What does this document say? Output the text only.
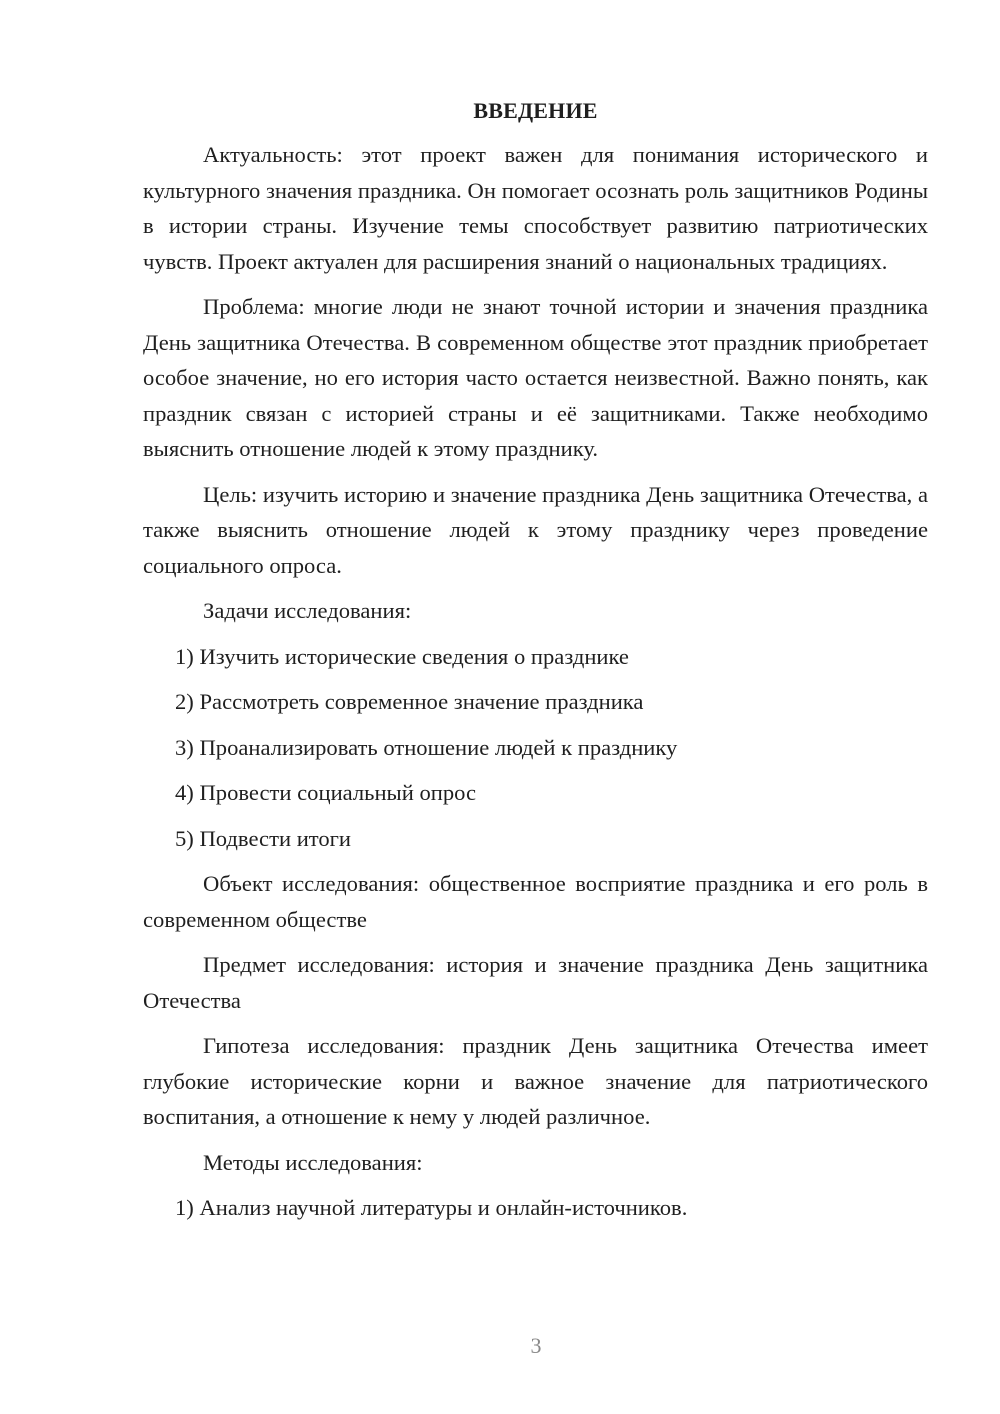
ВВЕДЕНИЕ

Актуальность: этот проект важен для понимания исторического и культурного значения праздника. Он помогает осознать роль защитников Родины в истории страны. Изучение темы способствует развитию патриотических чувств. Проект актуален для расширения знаний о национальных традициях.

Проблема: многие люди не знают точной истории и значения праздника День защитника Отечества. В современном обществе этот праздник приобретает особое значение, но его история часто остается неизвестной. Важно понять, как праздник связан с историей страны и её защитниками. Также необходимо выяснить отношение людей к этому празднику.

Цель: изучить историю и значение праздника День защитника Отечества, а также выяснить отношение людей к этому празднику через проведение социального опроса.

Задачи исследования:

1) Изучить исторические сведения о празднике
2) Рассмотреть современное значение праздника
3) Проанализировать отношение людей к празднику
4) Провести социальный опрос
5) Подвести итоги

Объект исследования: общественное восприятие праздника и его роль в современном обществе

Предмет исследования: история и значение праздника День защитника Отечества

Гипотеза исследования: праздник День защитника Отечества имеет глубокие исторические корни и важное значение для патриотического воспитания, а отношение к нему у людей различное.

Методы исследования:

1) Анализ научной литературы и онлайн-источников.
3
